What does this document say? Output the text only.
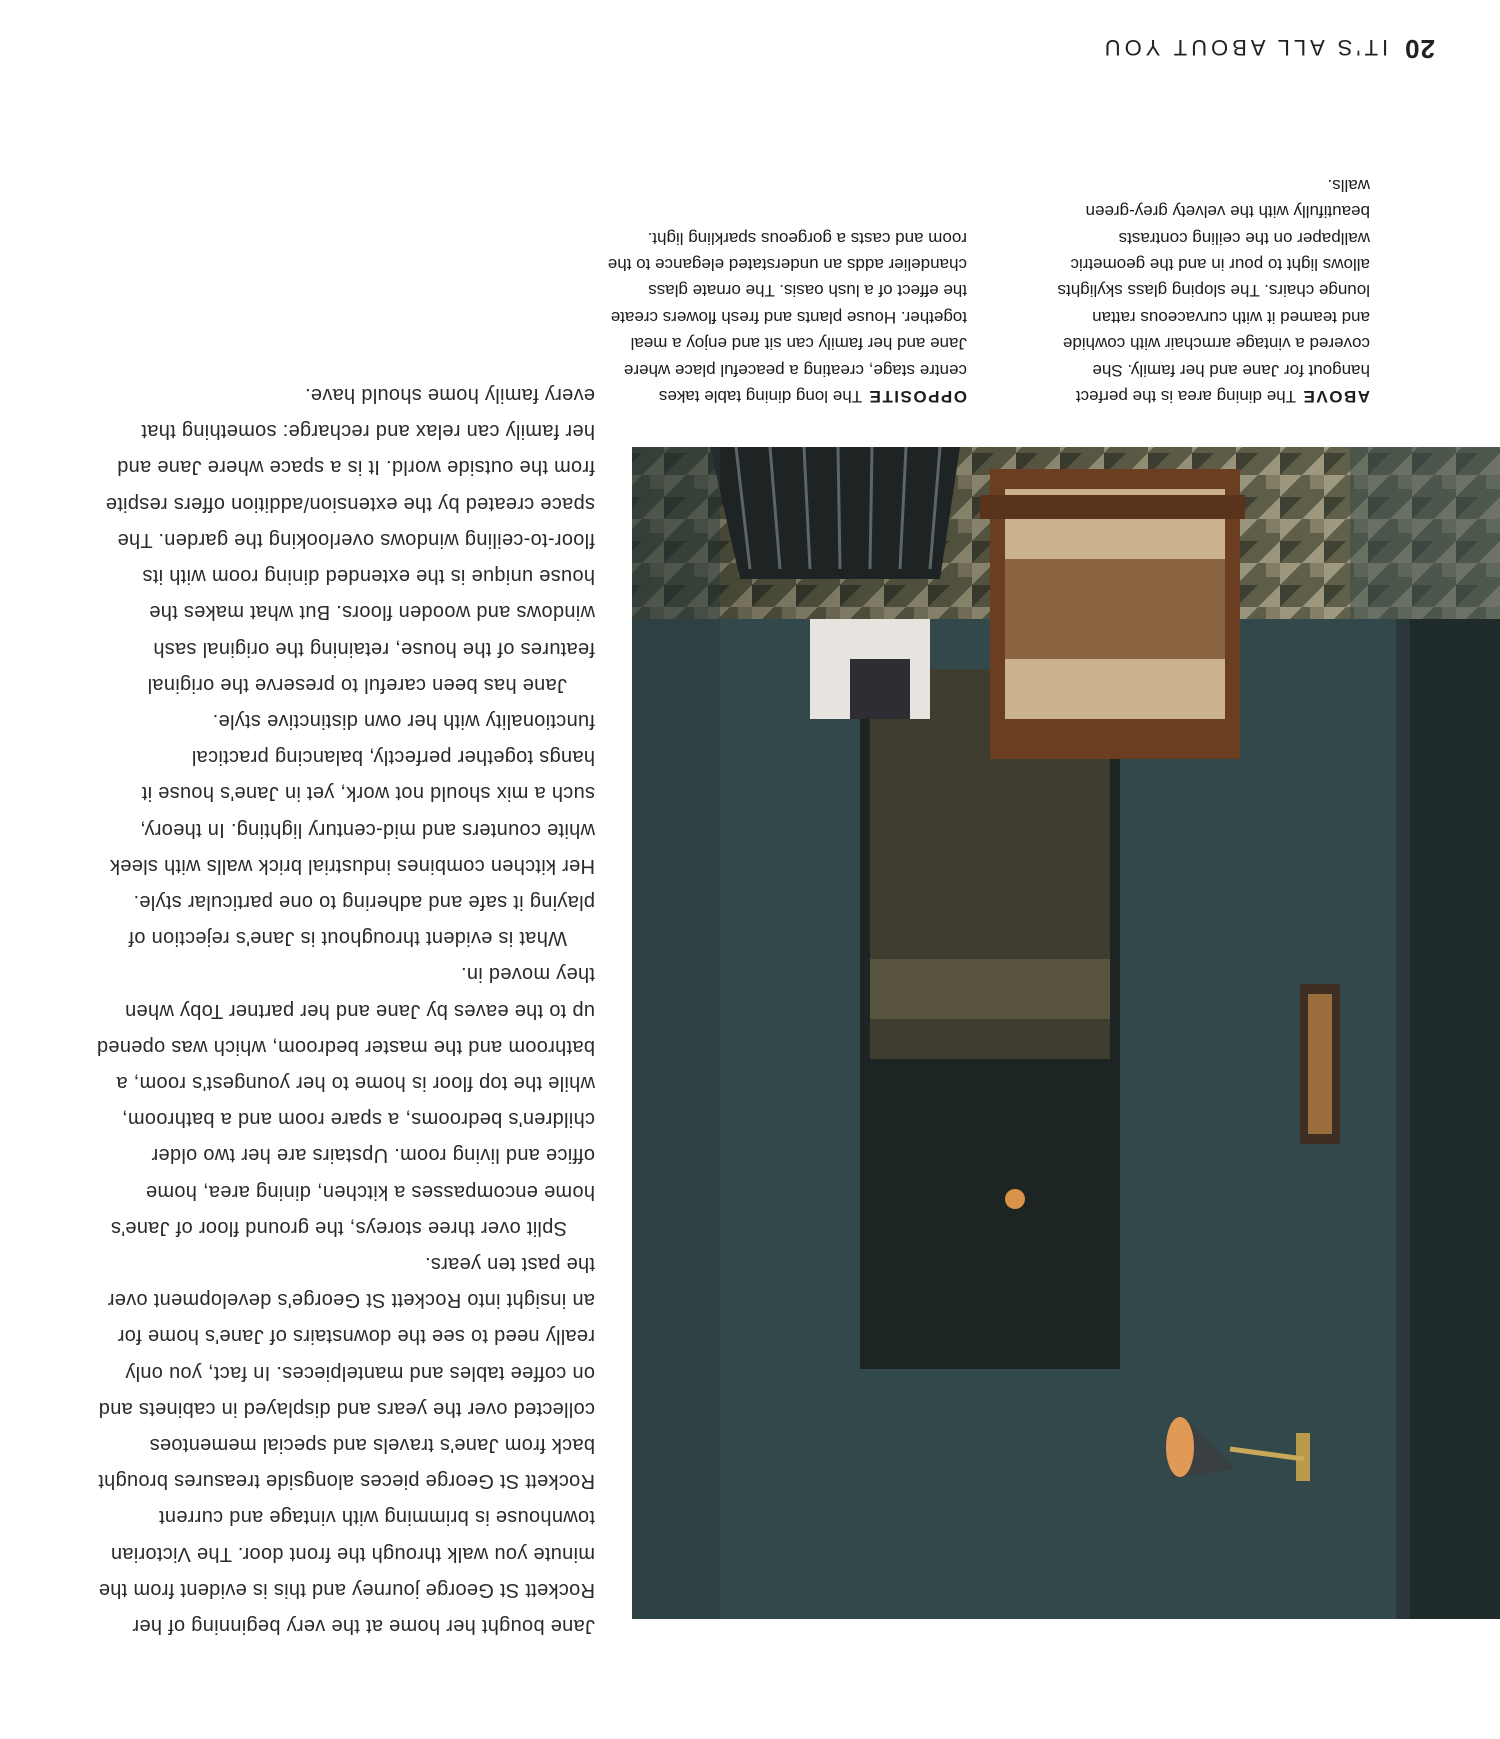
20IT'S ALL ABOUT YOU

ABOVEThe dining area is the perfect hangout for Jane and her family. She covered a vintage armchair with cowhide and teamed it with curvaceous rattan lounge chairs. The sloping glass skylights allows light to pour in and the geometric wallpaper on the ceiling contrasts beautifully with the velvety grey-green walls.

OPPOSITEThe long dining table takes centre stage, creating a peaceful place where Jane and her family can sit and enjoy a meal together. House plants and fresh flowers create the effect of a lush oasis. The ornate glass chandelier adds an understated elegance to the room and casts a gorgeous sparkling light.

Jane bought her home at the very beginning of her Rockett St George journey and this is evident from the minute you walk through the front door. The Victorian townhouse is brimming with vintage and current Rockett St George pieces alongside treasures brought back from Jane's travels and special mementoes collected over the years and displayed in cabinets and on coffee tables and mantelpieces. In fact, you only really need to see the downstairs of Jane's home for an insight into Rockett St George's development over the past ten years.

Split over three storeys, the ground floor of Jane's home encompasses a kitchen, dining area, home office and living room. Upstairs are her two older children's bedrooms, a spare room and a bathroom, while the top floor is home to her youngest's room, a bathroom and the master bedroom, which was opened up to the eaves by Jane and her partner Toby when they moved in.

What is evident throughout is Jane's rejection of playing it safe and adhering to one particular style. Her kitchen combines industrial brick walls with sleek white counters and mid-century lighting. In theory, such a mix should not work, yet in Jane's house it hangs together perfectly, balancing practical functionality with her own distinctive style.

Jane has been careful to preserve the original features of the house, retaining the original sash windows and wooden floors. But what makes the house unique is the extended dining room with its floor-to-ceiling windows overlooking the garden. The space created by the extension/addition offers respite from the outside world. It is a space where Jane and her family can relax and recharge: something that every family home should have.
